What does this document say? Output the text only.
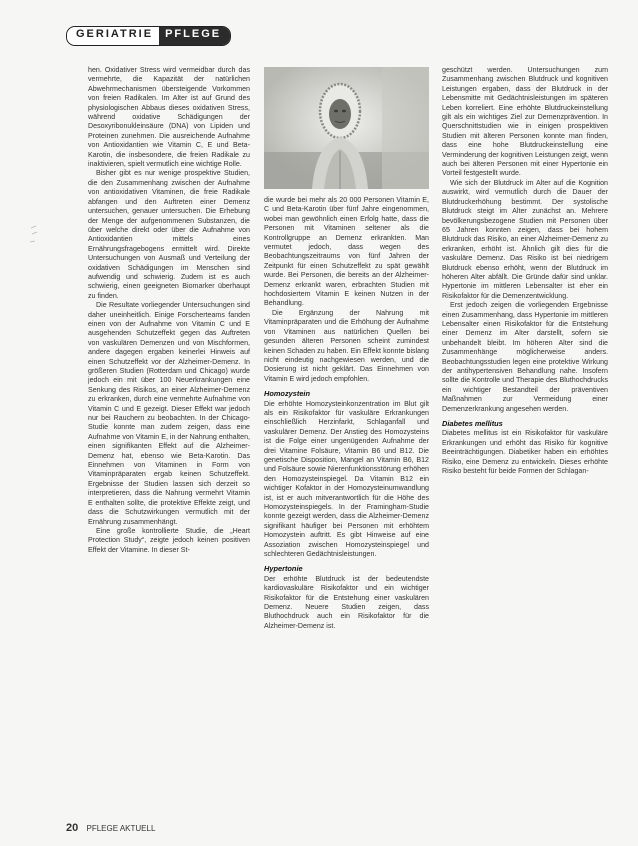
GERIATRIE	PFLEGE

hen. Oxidativer Stress wird vermeidbar durch das vermehrte, die Kapazität der natürlichen Abwehrmechanismen übersteigende Vorkommen von freien Radikalen. Im Alter ist auf Grund des physiologischen Abbaus dieses oxidativen Stress, während oxidative Schädigungen der Desoxyribonukleinsäure (DNA) von Lipiden und Proteinen zunehmen. Die ausreichende Aufnahme von Antioxidantien wie Vitamin C, E und Beta-Karotin, die insbesondere, die freien Radikale zu inaktivieren, spielt vermutlich eine wichtige Rolle.

Bisher gibt es nur wenige prospektive Studien, die den Zusammenhang zwischen der Aufnahme von antioxidativen Vitaminen, die freie Radikale abfangen und den Auftreten einer Demenz untersuchen, genauer untersuchen. Die Erhebung der Menge der aufgenommenen Substanzen, die über welche direkt oder über die Aufnahme von Antioxidantien mittels eines Ernährungsfragebogens ermittelt wird. Direkte Untersuchungen von Ausmaß und Verteilung der oxidativen Schädigungen im Menschen sind aufwendig und schwierig. Zudem ist es auch schwierig, einen geeigneten Biomarker überhaupt zu finden.

Die Resultate vorliegender Untersuchungen sind daher uneinheitlich. Einige Forscherteams fanden einen von der Aufnahme von Vitamin C und E ausgehenden Schutzeffekt gegen das Auftreten von vaskulären Demenzen und von Mischformen, andere dagegen ergaben keinerlei Hinweis auf einen Schutzeffekt vor der Alzheimer-Demenz. In größeren Studien (Rotterdam und Chicago) wurde jedoch ein mit über 100 Neuerkrankungen eine Senkung des Risikos, an einer Alzheimer-Demenz zu erkranken, durch eine vermehrte Aufnahme von Vitamin C und E gezeigt. Dieser Effekt war jedoch nur bei Rauchern zu beobachten. In der Chicago-Studie konnte man zudem zeigen, dass eine Aufnahme von Vitamin E, in der Nahrung enthalten, einen signifikanten Effekt auf die Alzheimer-Demenz hat, ebenso wie Beta-Karotin. Das Einnehmen von Vitaminen in Form von Vitaminpräparaten ergab keinen Schutzeffekt. Ergebnisse der Studien lassen sich derzeit so interpretieren, dass die Nahrung vermehrt Vitamin E enthalten sollte, die protektive Effekte zeigt, und dass die Schutzwirkungen vermutlich mit der Ernährung zusammenhängt.

Eine große kontrollierte Studie, die „Heart Protection Study“, zeigte jedoch keinen positiven Effekt der Vitamine. In dieser St-

die wurde bei mehr als 20 000 Personen Vitamin E, C und Beta-Karotin über fünf Jahre eingenommen, wobei man gewöhnlich einen Erfolg hatte, dass die Personen mit Vitaminen seltener als die Kontrollgruppe an Demenz erkrankten. Man vermutet jedoch, dass wegen des Beobachtungszeitraums von fünf Jahren der Zeitpunkt für einen Schutzeffekt zu spät gewählt wurde. Bei Personen, die bereits an der Alzheimer-Demenz erkrankt waren, erbrachten Studien mit hochdosiertem Vitamin E keinen Nutzen in der Behandlung.

Die Ergänzung der Nahrung mit Vitaminpräparaten und die Erhöhung der Aufnahme von Vitaminen aus natürlichen Quellen bei gesunden älteren Personen scheint zumindest keinen Schaden zu haben. Ein Effekt konnte bislang nicht eindeutig nachgewiesen werden, und die Dosierung ist nicht geklärt. Das Einnehmen von Vitamin E wird jedoch empfohlen.

Homozystein

Die erhöhte Homozysteinkonzentration im Blut gilt als ein Risikofaktor für vaskuläre Erkrankungen einschließlich Herzinfarkt, Schlaganfall und vaskulärer Demenz. Der Anstieg des Homozysteins ist die Folge einer ungenügenden Aufnahme der drei Vitamine Folsäure, Vitamin B6 und B12. Die genetische Disposition, Mangel an Vitamin B6, B12 und Folsäure sowie Nierenfunktionsstörung erhöhen den Homozysteinspiegel. Da Vitamin B12 ein wichtiger Kofaktor in der Homozysteinumwandlung ist, ist er auch mitverantwortlich für die Höhe des Homozysteinspiegels. In der Framingham-Studie konnte gezeigt werden, dass die Alzheimer-Demenz signifikant häufiger bei Personen mit erhöhtem Homozystein auftritt. Es gibt Hinweise auf eine Assoziation zwischen Homozysteinspiegel und schlechteren Gedächtnisleistungen.

Hypertonie

Der erhöhte Blutdruck ist der bedeutendste kardiovaskuläre Risikofaktor und ein wichtiger Risikofaktor für die Entstehung einer vaskulären Demenz. Neuere Studien zeigen, dass Bluthochdruck auch ein Risikofaktor für die Alzheimer-Demenz ist.

geschützt werden. Untersuchungen zum Zusammenhang zwischen Blutdruck und kognitiven Leistungen ergaben, dass der Blutdruck in der Lebensmitte mit Gedächtnisleistungen im späteren Leben korreliert. Eine erhöhte Blutdruckeinstellung gilt als ein wichtiges Ziel zur Demenzprävention. In Querschnittstudien wie in einigen prospektiven Studien mit älteren Personen konnte man finden, dass eine hohe Blutdruckeinstellung eine Verminderung der kognitiven Leistungen zeigt, wenn auch bei älteren Personen mit einer Hypertonie ein Vorteil festgestellt wurde.

Wie sich der Blutdruck im Alter auf die Kognition auswirkt, wird vermutlich durch die Dauer der Blutdruckerhöhung bestimmt. Der systolische Blutdruck steigt im Alter zunächst an. Mehrere bevölkerungsbezogene Studien mit Personen über 65 Jahren konnten zeigen, dass bei hohem Blutdruck das Risiko, an einer Alzheimer-Demenz zu erkranken, erhöht ist. Ähnlich gilt dies für die vaskuläre Demenz. Das Risiko ist bei niedrigem Blutdruck ebenso erhöht, wenn der Blutdruck im höheren Alter abfällt. Die Gründe dafür sind unklar. Hypertonie im mittleren Lebensalter ist eher ein Risikofaktor für die Demenzentwicklung.

Erst jedoch zeigen die vorliegenden Ergebnisse einen Zusammenhang, dass Hypertonie im mittleren Lebensalter einen Risikofaktor für die Entstehung einer Demenz im Alter darstellt, sofern sie unbehandelt bleibt. Im höheren Alter sind die Zusammenhänge möglicherweise anders. Beobachtungsstudien legen eine protektive Wirkung der antihypertensiven Behandlung nahe. Insofern sollte die Kontrolle und Therapie des Bluthochdrucks ein wichtiger Bestandteil der präventiven Maßnahmen zur Vermeidung einer Demenzerkrankung angesehen werden.

Diabetes mellitus

Diabetes mellitus ist ein Risikofaktor für vaskuläre Erkrankungen und erhöht das Risiko für kognitive Beeinträchtigungen. Diabetiker haben ein erhöhtes Risiko, eine Demenz zu entwickeln. Dieses erhöhte Risiko besteht für beide Formen der Schlagan-

20 PFLEGE AKTUELL
